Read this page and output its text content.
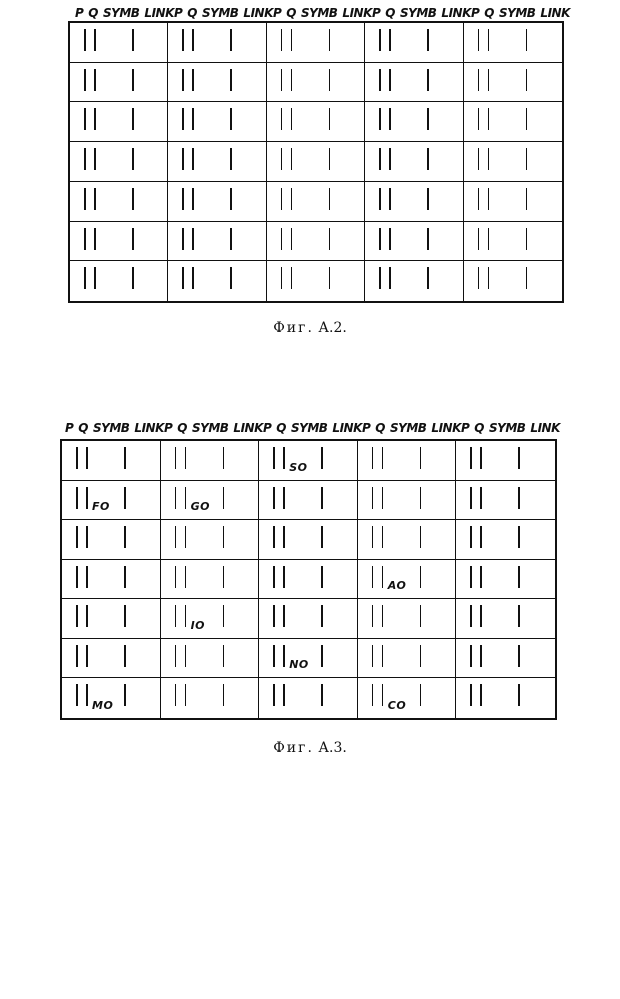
P Q SYMB LINK P Q SYMB LINK P Q SYMB LINK P Q SYMB LINK P Q SYMB LINK
Фиг. А.2.
P Q SYMB LINK P Q SYMB LINK P Q SYMB LINK P Q SYMB LINK P Q SYMB LINK
SO
FO	GO
AO
IO
NO
MO	CO
Фиг. А.3.
